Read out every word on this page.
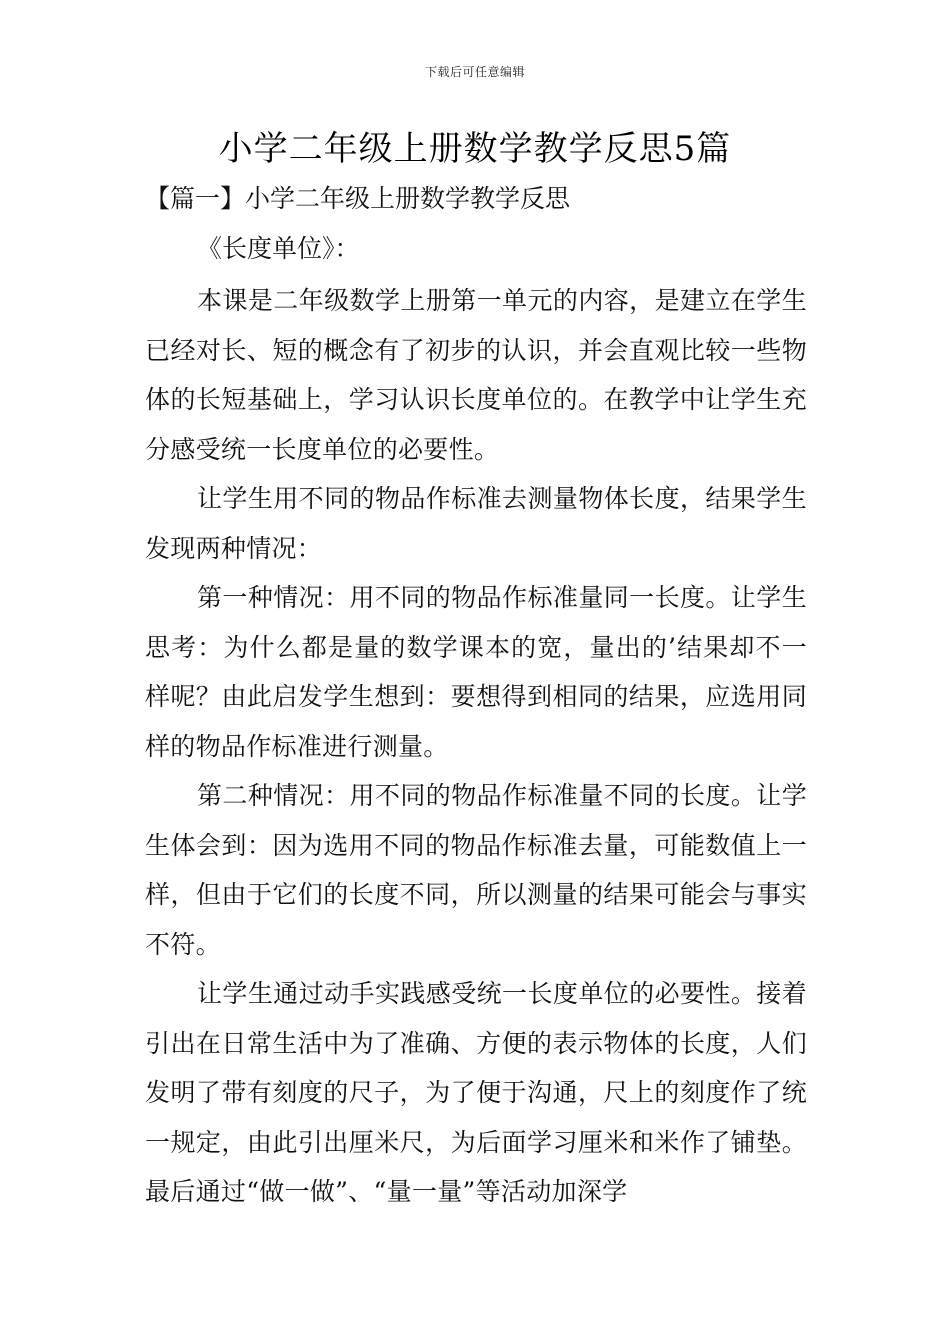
下载后可任意编辑
小学二年级上册数学教学反思5篇
【篇一】小学二年级上册数学教学反思
《长度单位》：

本课是二年级数学上册第一单元的内容，是建立在学生已经对长、短的概念有了初步的认识，并会直观比较一些物体的长短基础上，学习认识长度单位的。在教学中让学生充分感受统一长度单位的必要性。

让学生用不同的物品作标准去测量物体长度，结果学生发现两种情况：

第一种情况：用不同的物品作标准量同一长度。让学生思考：为什么都是量的数学课本的宽，量出的’结果却不一样呢？由此启发学生想到：要想得到相同的结果，应选用同样的物品作标准进行测量。

第二种情况：用不同的物品作标准量不同的长度。让学生体会到：因为选用不同的物品作标准去量，可能数值上一样，但由于它们的长度不同，所以测量的结果可能会与事实不符。

让学生通过动手实践感受统一长度单位的必要性。接着引出在日常生活中为了准确、方便的表示物体的长度，人们发明了带有刻度的尺子，为了便于沟通，尺上的刻度作了统一规定，由此引出厘米尺，为后面学习厘米和米作了铺垫。最后通过“做一做”、“量一量”等活动加深学
